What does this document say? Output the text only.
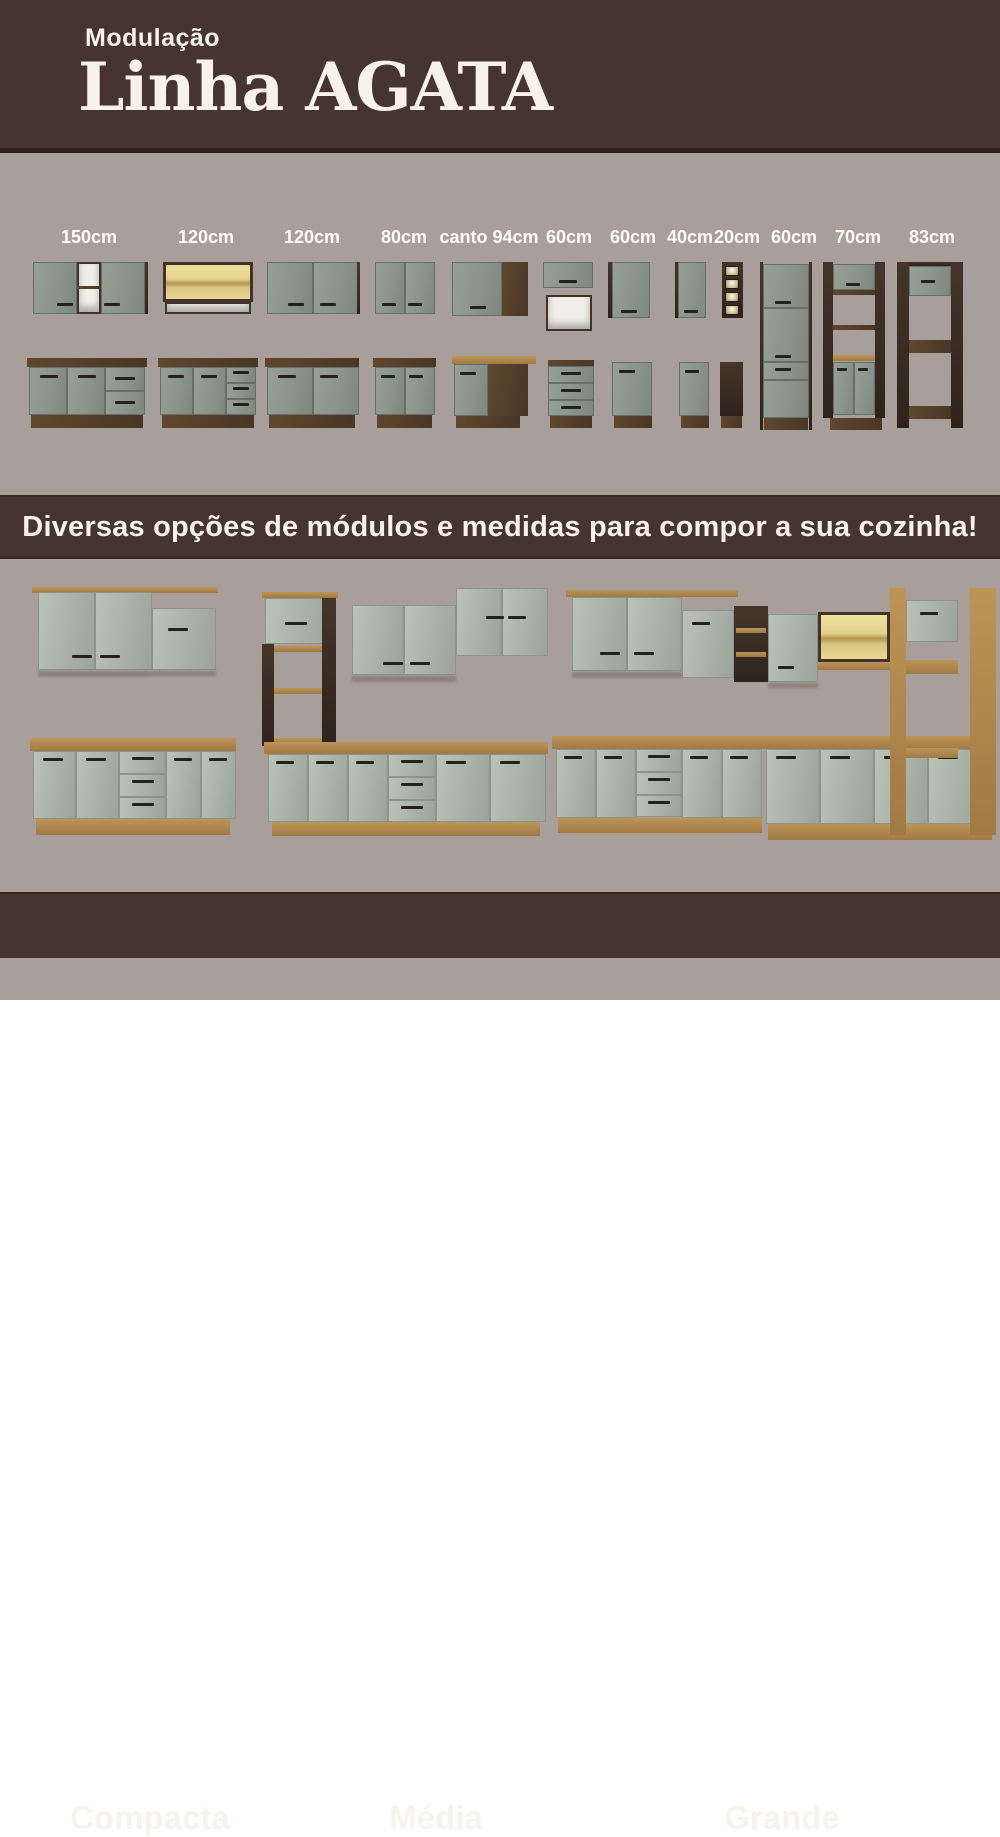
Modulação
Linha AGATA
150cm	120cm	120cm 80cm canto 94cm 60cm 60cm 40cm 20cm 60cm 70cm 83cm
Diversas opções de módulos e medidas para compor a sua cozinha!
Compacta	Média	Grande
